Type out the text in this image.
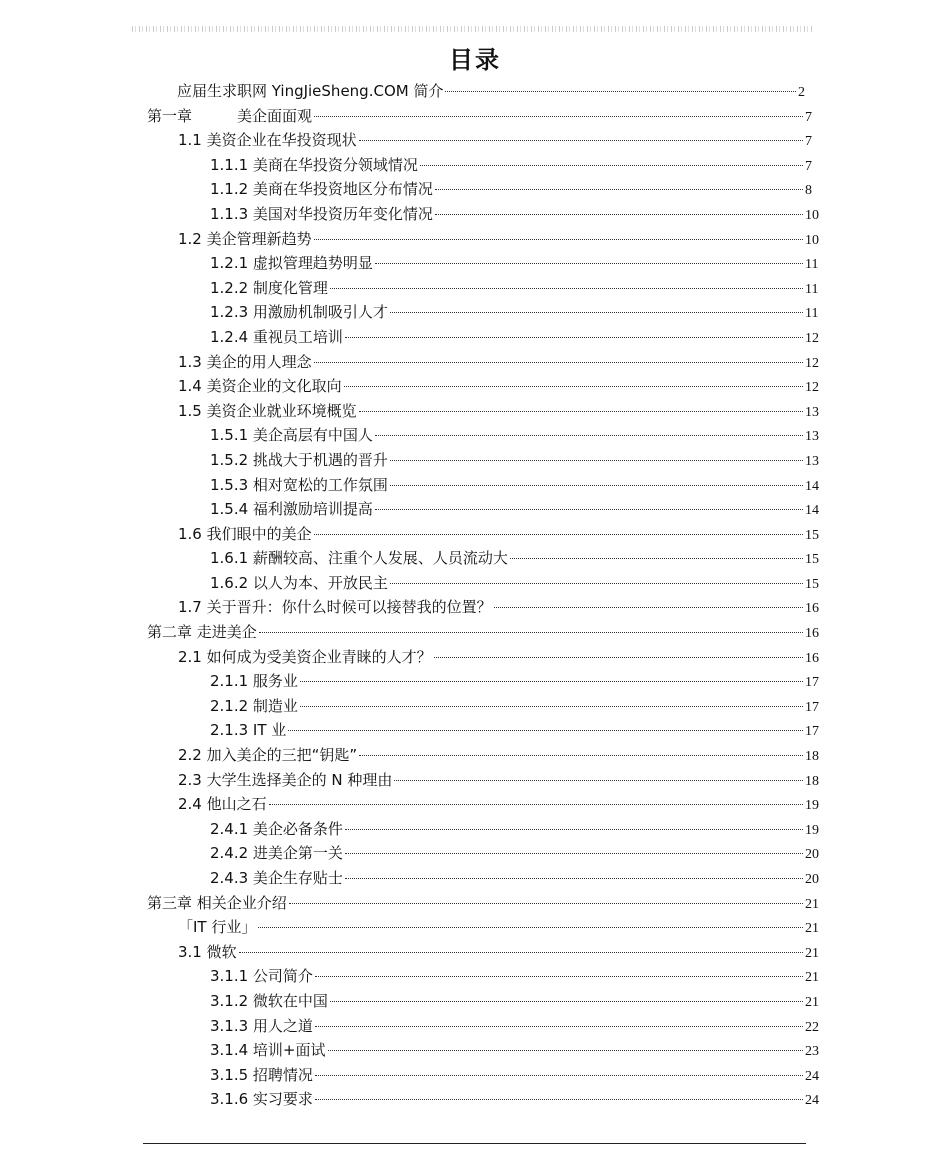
目录
应届生求职网 YingJieSheng.COM 简介	2
第一章　　　美企面面观	7
1.1 美资企业在华投资现状	7
1.1.1 美商在华投资分领域情况	7
1.1.2 美商在华投资地区分布情况	8
1.1.3 美国对华投资历年变化情况	10
1.2 美企管理新趋势	10
1.2.1 虚拟管理趋势明显	11
1.2.2 制度化管理	11
1.2.3 用激励机制吸引人才	11
1.2.4 重视员工培训	12
1.3 美企的用人理念	12
1.4 美资企业的文化取向	12
1.5 美资企业就业环境概览	13
1.5.1 美企高层有中国人	13
1.5.2 挑战大于机遇的晋升	13
1.5.3 相对宽松的工作氛围	14
1.5.4 福利激励培训提高	14
1.6 我们眼中的美企	15
1.6.1 薪酬较高、注重个人发展、人员流动大	15
1.6.2 以人为本、开放民主	15
1.7 关于晋升：你什么时候可以接替我的位置？	16
第二章 走进美企	16
2.1 如何成为受美资企业青睐的人才？	16
2.1.1 服务业	17
2.1.2 制造业	17
2.1.3 IT 业	17
2.2 加入美企的三把“钥匙”	18
2.3 大学生选择美企的 N 种理由	18
2.4 他山之石	19
2.4.1 美企必备条件	19
2.4.2 进美企第一关	20
2.4.3 美企生存贴士	20
第三章 相关企业介绍	21
「IT 行业」	21
3.1 微软	21
3.1.1 公司简介	21
3.1.2 微软在中国	21
3.1.3 用人之道	22
3.1.4 培训+面试	23
3.1.5 招聘情况	24
3.1.6 实习要求	24
